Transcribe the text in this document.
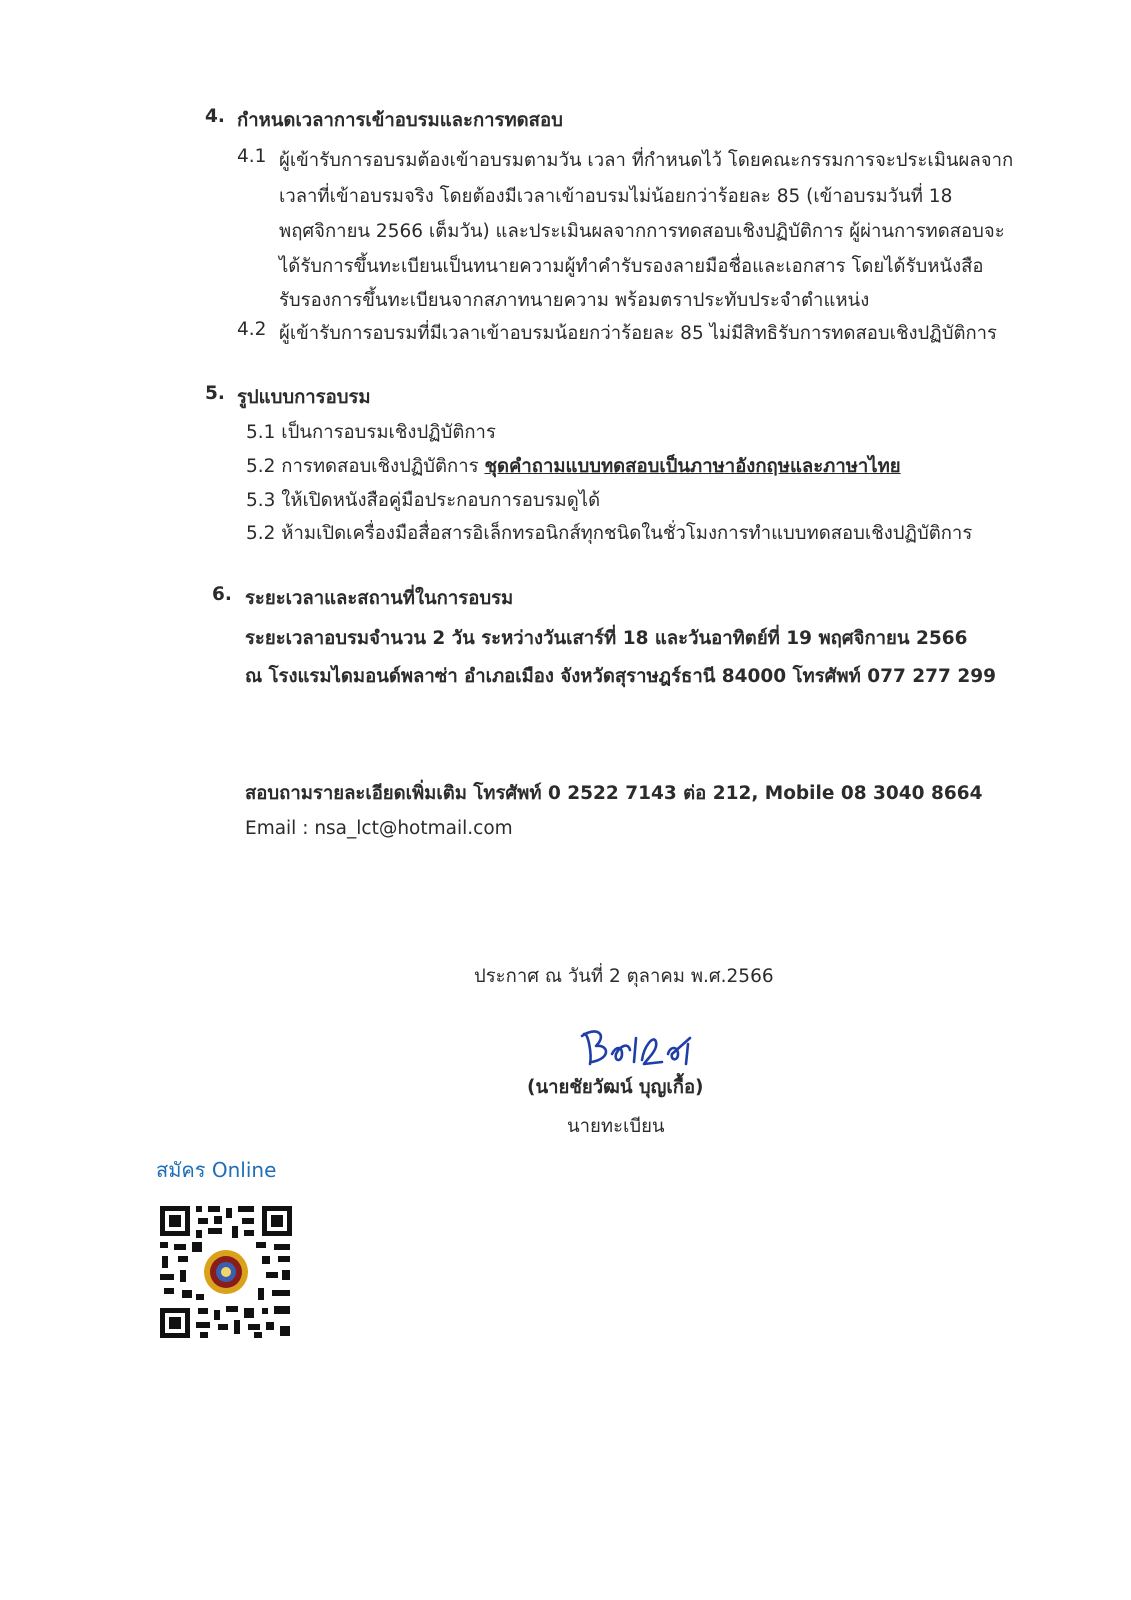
4. กำหนดเวลาการเข้าอบรมและการทดสอบ
4.1 ผู้เข้ารับการอบรมต้องเข้าอบรมตามวัน เวลา ที่กำหนดไว้ โดยคณะกรรมการจะประเมินผลจาก
เวลาที่เข้าอบรมจริง โดยต้องมีเวลาเข้าอบรมไม่น้อยกว่าร้อยละ 85 (เข้าอบรมวันที่ 18
พฤศจิกายน 2566 เต็มวัน) และประเมินผลจากการทดสอบเชิงปฏิบัติการ ผู้ผ่านการทดสอบจะ
ได้รับการขึ้นทะเบียนเป็นทนายความผู้ทำคำรับรองลายมือชื่อและเอกสาร โดยได้รับหนังสือ
รับรองการขึ้นทะเบียนจากสภาทนายความ พร้อมตราประทับประจำตำแหน่ง
4.2 ผู้เข้ารับการอบรมที่มีเวลาเข้าอบรมน้อยกว่าร้อยละ 85 ไม่มีสิทธิรับการทดสอบเชิงปฏิบัติการ
5. รูปแบบการอบรม
5.1 เป็นการอบรมเชิงปฏิบัติการ
5.2 การทดสอบเชิงปฏิบัติการ ชุดคำถามแบบทดสอบเป็นภาษาอังกฤษและภาษาไทย
5.3 ให้เปิดหนังสือคู่มือประกอบการอบรมดูได้
5.2 ห้ามเปิดเครื่องมือสื่อสารอิเล็กทรอนิกส์ทุกชนิดในชั่วโมงการทำแบบทดสอบเชิงปฏิบัติการ
6. ระยะเวลาและสถานที่ในการอบรม
ระยะเวลาอบรมจำนวน 2 วัน ระหว่างวันเสาร์ที่ 18 และวันอาทิตย์ที่ 19 พฤศจิกายน 2566
ณ โรงแรมไดมอนด์พลาซ่า อำเภอเมือง จังหวัดสุราษฎร์ธานี 84000 โทรศัพท์ 077 277 299
สอบถามรายละเอียดเพิ่มเติม โทรศัพท์ 0 2522 7143 ต่อ 212, Mobile 08 3040 8664
Email : nsa_lct@hotmail.com
ประกาศ ณ วันที่ 2 ตุลาคม พ.ศ.2566
(นายชัยวัฒน์ บุญเกื้อ)
นายทะเบียน
สมัคร Online
